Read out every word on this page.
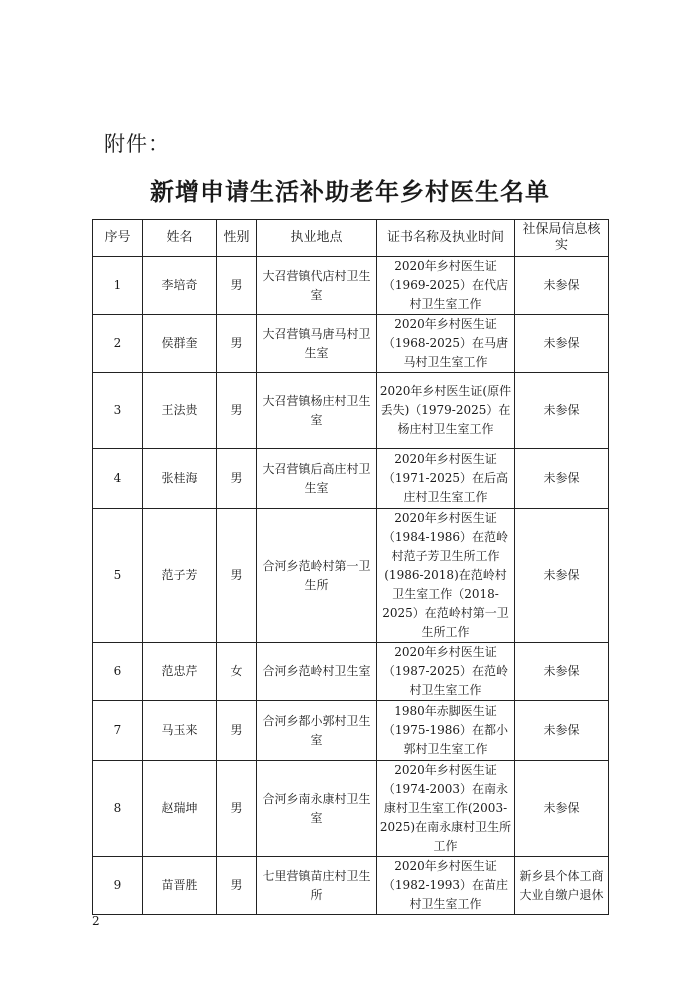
附件：
新增申请生活补助老年乡村医生名单
序号	姓名	性别	执业地点	证书名称及执业时间	社保局信息核实
1	李培奇	男	大召营镇代店村卫生室	2020年乡村医生证（1969-2025）在代店村卫生室工作	未参保
2	侯群奎	男	大召营镇马唐马村卫生室	2020年乡村医生证（1968-2025）在马唐马村卫生室工作	未参保
3	王法贵	男	大召营镇杨庄村卫生室	2020年乡村医生证(原件丢失)（1979-2025）在杨庄村卫生室工作	未参保
4	张桂海	男	大召营镇后高庄村卫生室	2020年乡村医生证（1971-2025）在后高庄村卫生室工作	未参保
5	范子芳	男	合河乡范岭村第一卫生所	2020年乡村医生证（1984-1986）在范岭村范子芳卫生所工作(1986-2018)在范岭村卫生室工作（2018-2025）在范岭村第一卫生所工作	未参保
6	范忠芹	女	合河乡范岭村卫生室	2020年乡村医生证（1987-2025）在范岭村卫生室工作	未参保
7	马玉来	男	合河乡都小郭村卫生室	1980年赤脚医生证（1975-1986）在都小郭村卫生室工作	未参保
8	赵瑞坤	男	合河乡南永康村卫生室	2020年乡村医生证（1974-2003）在南永康村卫生室工作(2003-2025)在南永康村卫生所工作	未参保
9	苗晋胜	男	七里营镇苗庄村卫生所	2020年乡村医生证（1982-1993）在苗庄村卫生室工作	新乡县个体工商大业自缴户退休
2
